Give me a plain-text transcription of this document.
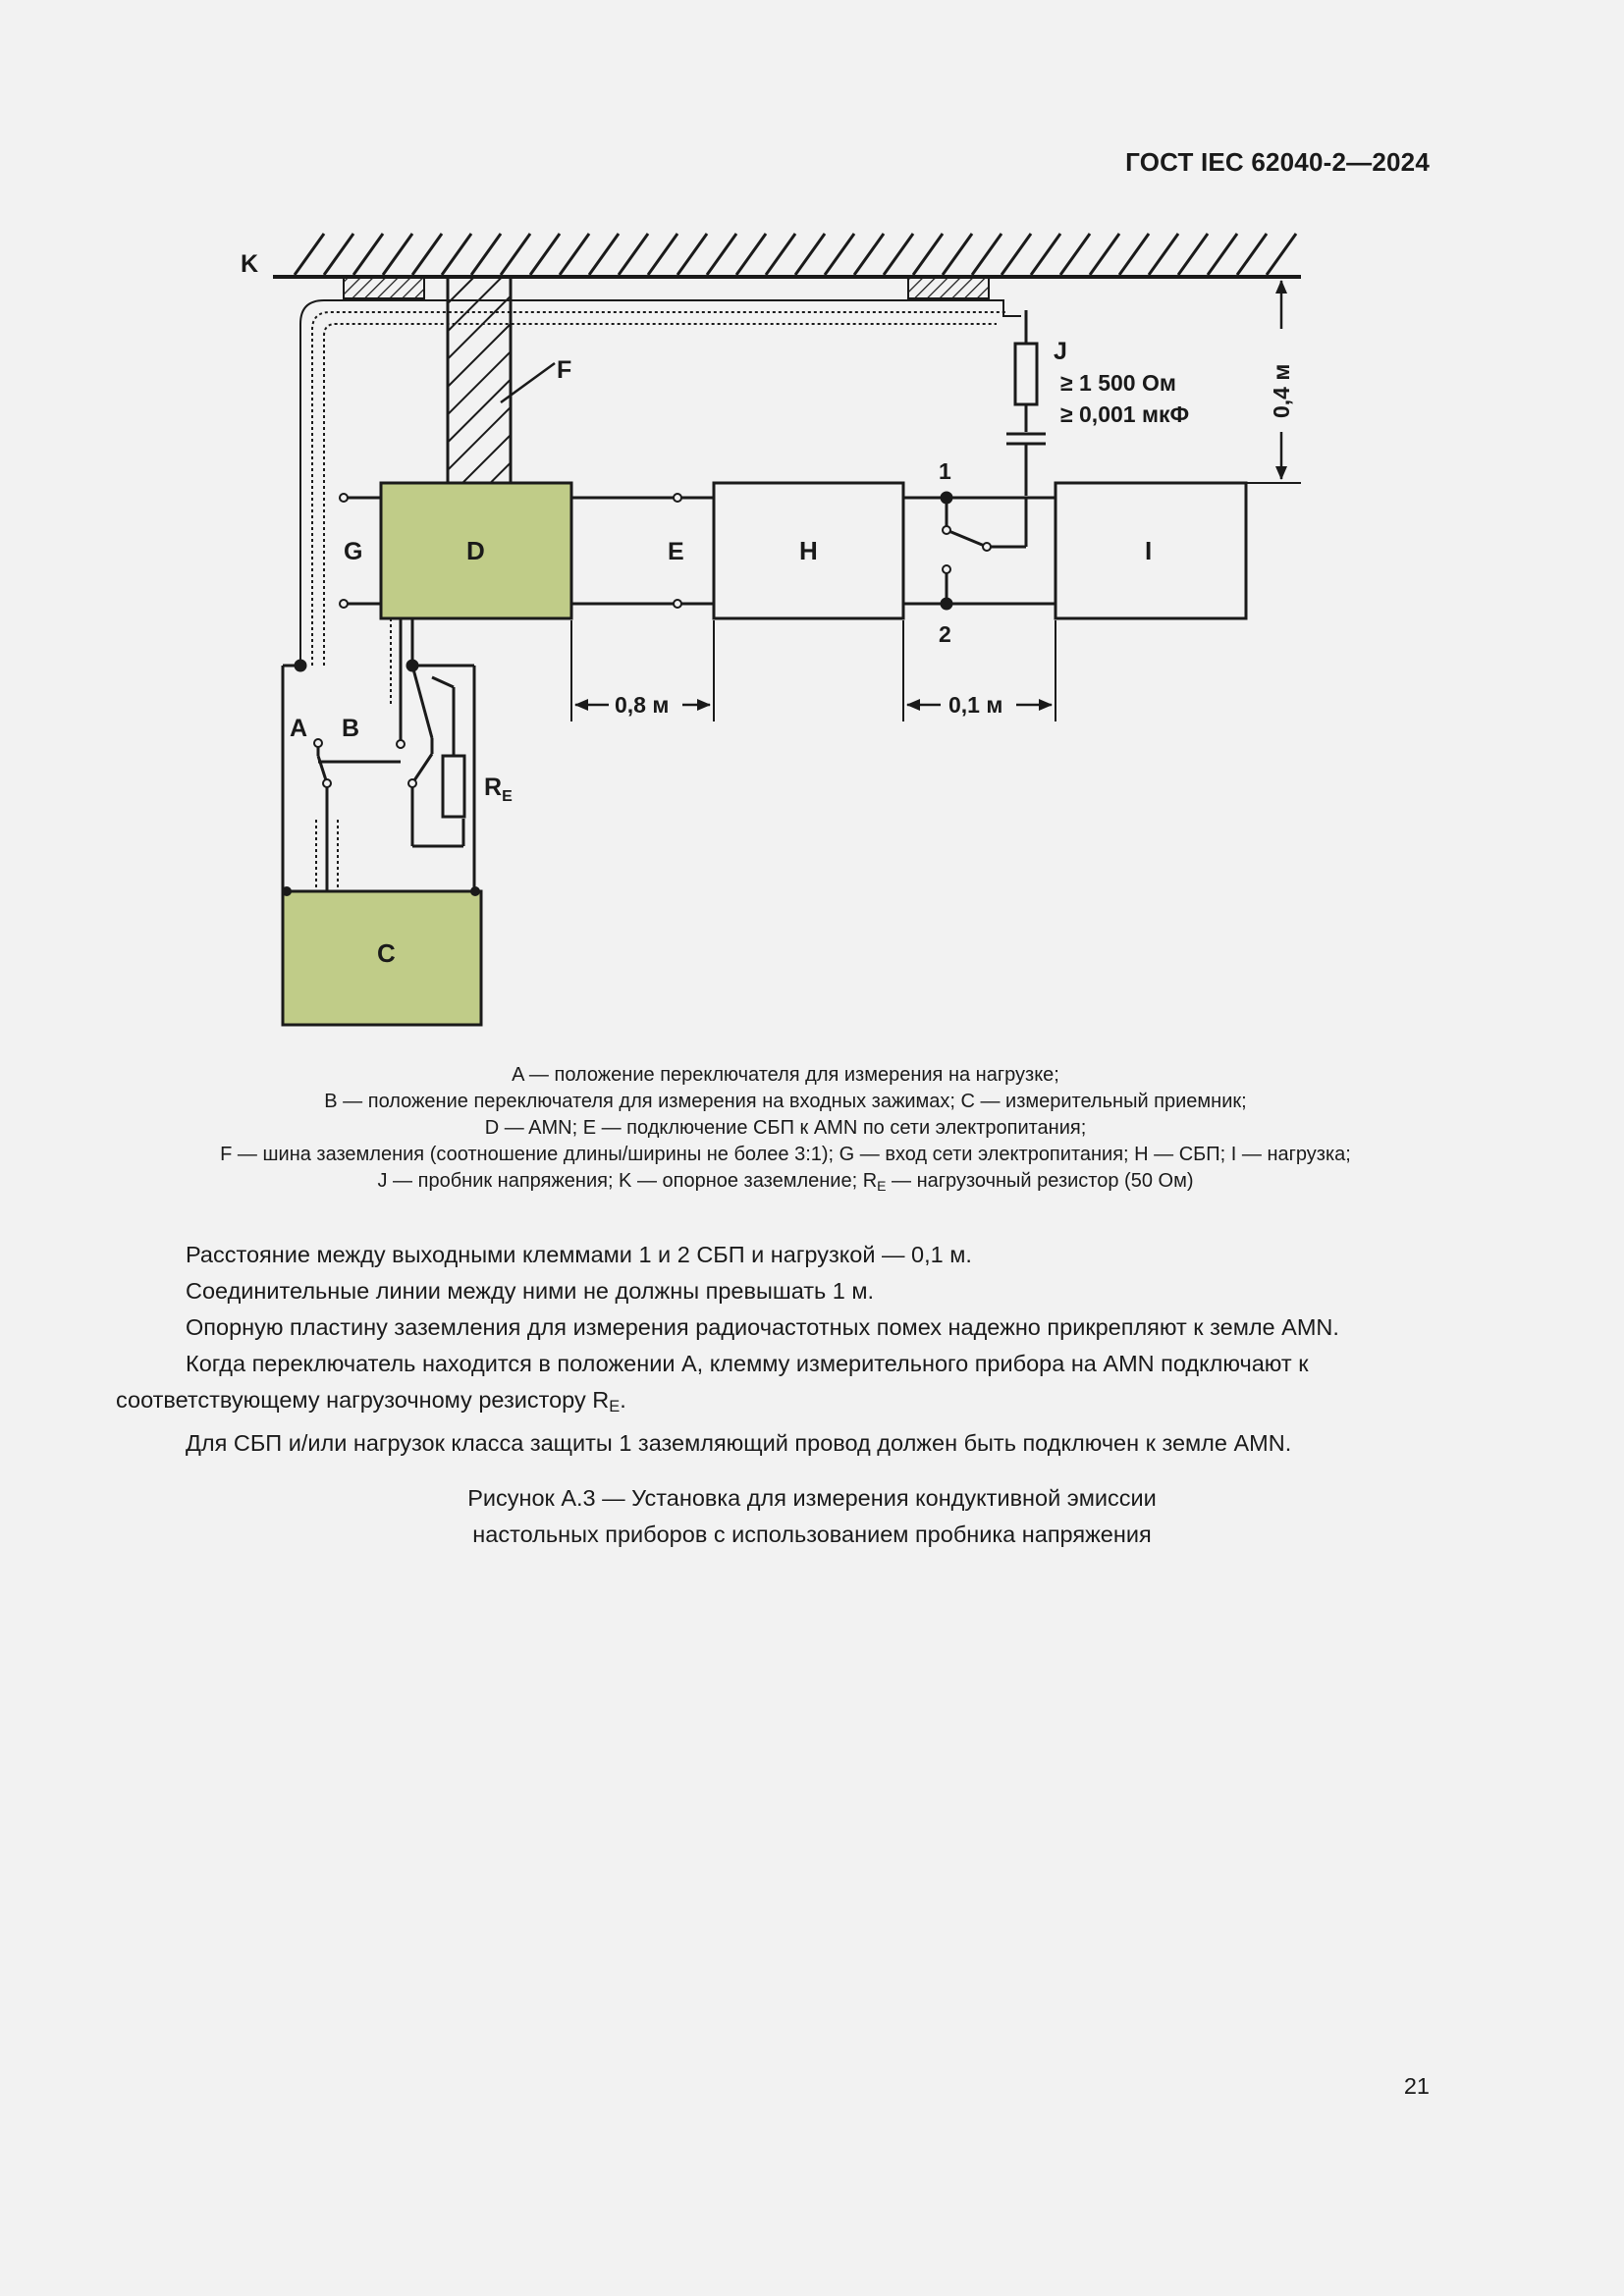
ГОСТ IEC 62040-2—2024
K
F
J
≥ 1 500 Ом
≥ 0,001 мкФ	0,4 м
G	D	E	H
1
2
I
0,8 м	0,1 м
A B
$R_E$
C
A — положение переключателя для измерения на нагрузке;
B — положение переключателя для измерения на входных зажимах; C — измерительный приемник;
D — AMN; E — подключение СБП к AMN по сети электропитания;
F — шина заземления (соотношение длины/ширины не более 3:1); G — вход сети электропитания; H — СБП; I — нагрузка;
J — пробник напряжения; K — опорное заземление; $R_E$ — нагрузочный резистор (50 Ом)

Расстояние между выходными клеммами 1 и 2 СБП и нагрузкой — 0,1 м.

Соединительные линии между ними не должны превышать 1 м.

Опорную пластину заземления для измерения радиочастотных помех надежно прикрепляют к земле AMN.

Когда переключатель находится в положении А, клемму измерительного прибора на AMN подключают к соответствующему нагрузочному резистору $R_E$.

Для СБП и/или нагрузок класса защиты 1 заземляющий провод должен быть подключен к земле AMN.

Рисунок А.3 — Установка для измерения кондуктивной эмиссии
настольных приборов с использованием пробника напряжения
21
